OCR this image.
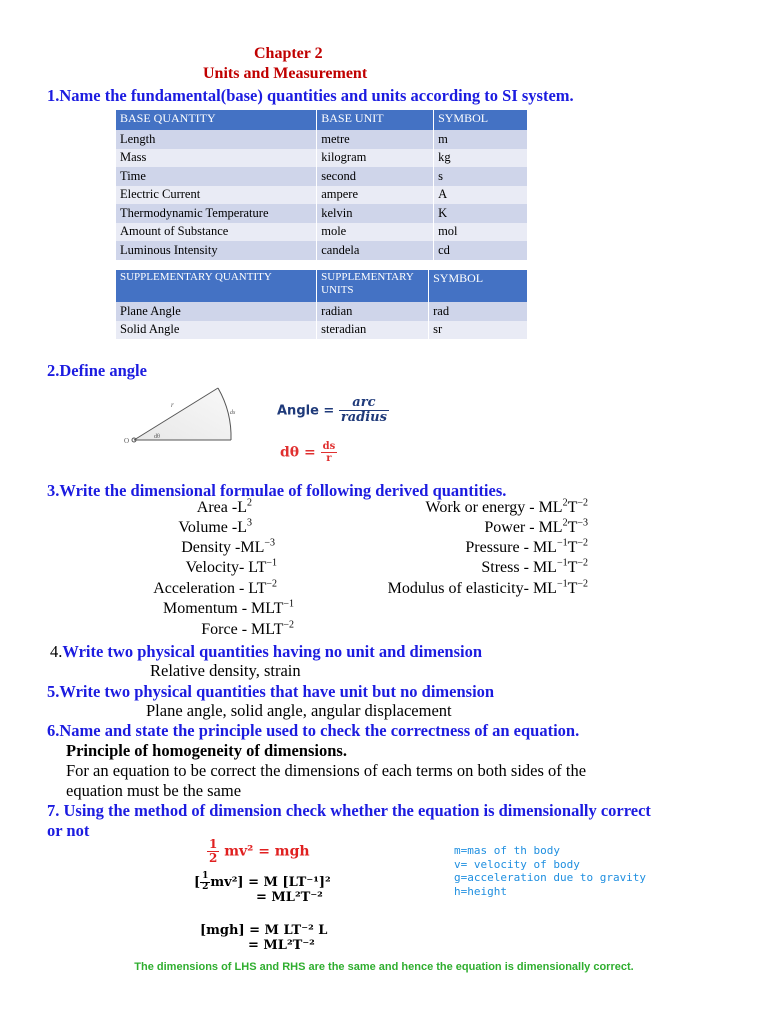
Chapter 2
Units and Measurement
1.Name the fundamental(base) quantities and units according to SI system.
BASE QUANTITY	BASE UNIT	SYMBOL
Length	metre	m
Mass	kilogram	kg
Time	second	s
Electric Current	ampere	A
Thermodynamic Temperature	kelvin	K
Amount of Substance	mole	mol
Luminous Intensity	candela	cd
SUPPLEMENTARY QUANTITY	SUPPLEMENTARY UNITS	SYMBOL
Plane Angle	radian	rad
Solid Angle	steradian	sr
2.Define angle
O
r
ds
dθ
Angle = $\frac{\text{arc}}{\text{radius}}$
$d\theta = \frac{ds}{r}$
3.Write the dimensional formulae of following derived quantities.
Area $-L^2$
Volume $-L^3$
Density $-ML^{-3}$
Velocity- $LT^{-1}$
Acceleration - $LT^{-2}$
Momentum - $MLT^{-1}$
Force - $MLT^{-2}$
Work or energy - $ML^2T^{-2}$
Power - $ML^2T^{-3}$
Pressure - $ML^{-1}T^{-2}$
Stress - $ML^{-1}T^{-2}$
Modulus of elasticity- $ML^{-1}T^{-2}$
4.Write two physical quantities having no unit and dimension
Relative density, strain
5.Write two physical quantities that have unit but no dimension
Plane angle, solid angle, angular displacement
6.Name and state the principle used to check the correctness of an equation.
Principle of homogeneity of dimensions.
For an equation to be correct the dimensions of each terms on both sides of the
equation must be the same
7. Using the method of dimension check whether the equation is dimensionally correct
or not
$\frac{1}{2} mv^2$ = mgh
[ $\frac{1}{2} mv^2] = M$ [LT⁻¹]²
= ML²T⁻²
[mgh] = M LT⁻² L
= ML²T⁻²
m=mas of th body
v= velocity of body
g=acceleration due to gravity
h=height
The dimensions of LHS and RHS are the same and hence the equation is dimensionally correct.
